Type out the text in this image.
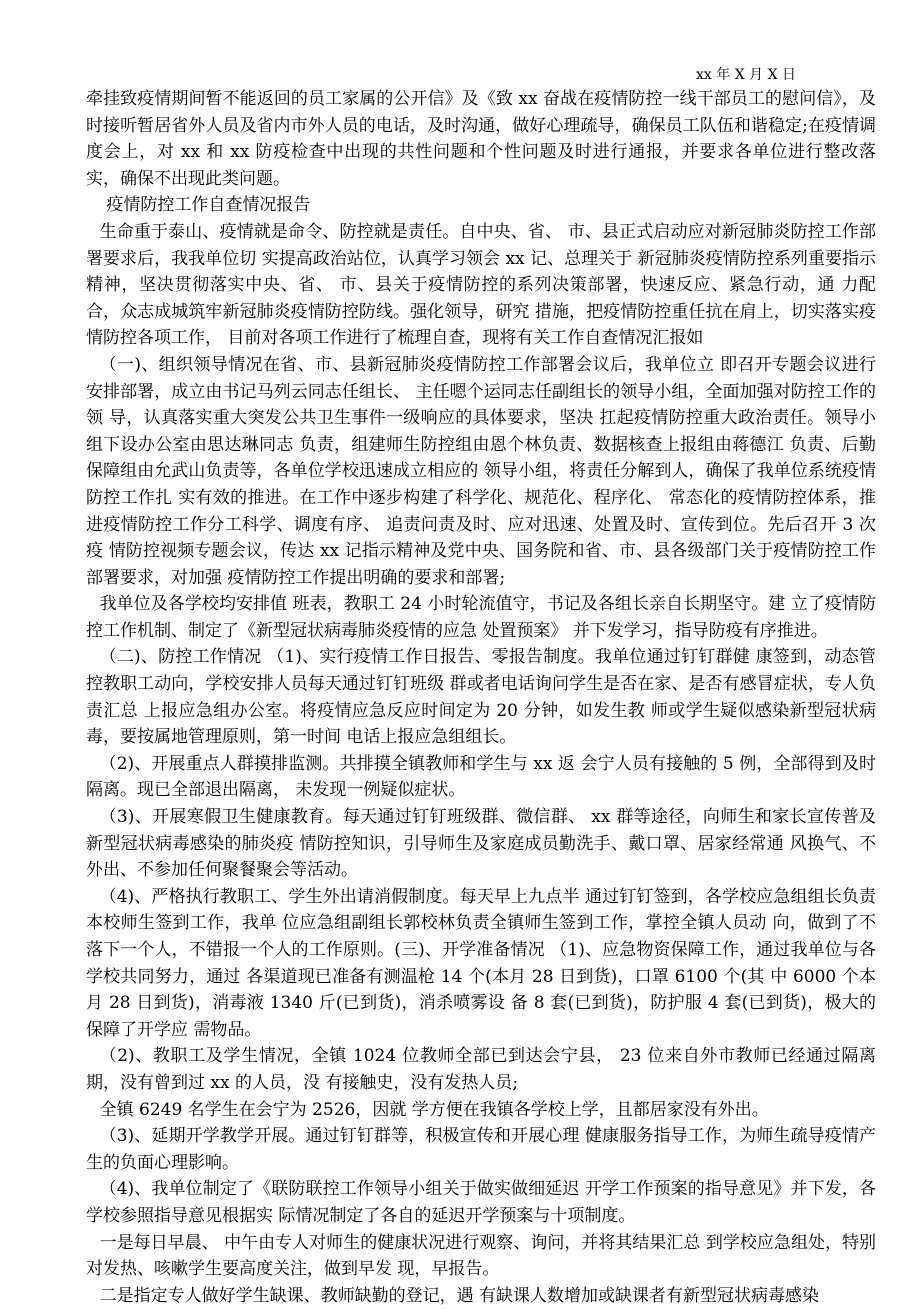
xx 年 X 月 X 日

牵挂致疫情期间暂不能返回的员工家属的公开信》及《致 xx 奋战在疫情防控一线干部员工的慰问信》，及时接听暂居省外人员及省内市外人员的电话，及时沟通，做好心理疏导，确保员工队伍和谐稳定;在疫情调度会上，对 xx 和 xx 防疫检查中出现的共性问题和个性问题及时进行通报，并要求各单位进行整改落实，确保不出现此类问题。

疫情防控工作自查情况报告

生命重于泰山、疫情就是命令、防控就是责任。自中央、省、 市、县正式启动应对新冠肺炎防控工作部署要求后，我我单位切 实提高政治站位，认真学习领会 xx 记、总理关于 新冠肺炎疫情防控系列重要指示精神，坚决贯彻落实中央、省、 市、县关于疫情防控的系列决策部署，快速反应、紧急行动，通 力配合，众志成城筑牢新冠肺炎疫情防控防线。强化领导，研究 措施，把疫情防控重任抗在肩上，切实落实疫情防控各项工作， 目前对各项工作进行了梳理自查，现将有关工作自查情况汇报如

（一)、组织领导情况在省、市、县新冠肺炎疫情防控工作部署会议后，我单位立 即召开专题会议进行安排部署，成立由书记马列云同志任组长、 主任嗯个运同志任副组长的领导小组，全面加强对防控工作的领 导，认真落实重大突发公共卫生事件一级响应的具体要求，坚决 扛起疫情防控重大政治责任。领导小组下设办公室由思达琳同志 负责，组建师生防控组由恩个林负责、数据核查上报组由蒋德江 负责、后勤保障组由允武山负责等，各单位学校迅速成立相应的 领导小组，将责任分解到人，确保了我单位系统疫情防控工作扎 实有效的推进。在工作中逐步构建了科学化、规范化、程序化、 常态化的疫情防控体系，推进疫情防控工作分工科学、调度有序、 追责问责及时、应对迅速、处置及时、宣传到位。先后召开 3 次疫 情防控视频专题会议，传达 xx 记指示精神及党中央、国务院和省、市、县各级部门关于疫情防控工作部署要求，对加强 疫情防控工作提出明确的要求和部署;

我单位及各学校均安排值 班表，教职工 24 小时轮流值守，书记及各组长亲自长期坚守。建 立了疫情防控工作机制、制定了《新型冠状病毒肺炎疫情的应急 处置预案》 并下发学习，指导防疫有序推进。

（二)、防控工作情况 （1)、实行疫情工作日报告、零报告制度。我单位通过钉钉群健 康签到，动态管控教职工动向，学校安排人员每天通过钉钉班级 群或者电话询问学生是否在家、是否有感冒症状，专人负责汇总 上报应急组办公室。将疫情应急反应时间定为 20 分钟，如发生教 师或学生疑似感染新型冠状病毒，要按属地管理原则，第一时间 电话上报应急组组长。

（2)、开展重点人群摸排监测。共排摸全镇教师和学生与 xx 返 会宁人员有接触的 5 例，全部得到及时隔离。现已全部退出隔离， 未发现一例疑似症状。

（3)、开展寒假卫生健康教育。每天通过钉钉班级群、微信群、 xx 群等途径，向师生和家长宣传普及新型冠状病毒感染的肺炎疫 情防控知识，引导师生及家庭成员勤洗手、戴口罩、居家经常通 风换气、不外出、不参加任何聚餐聚会等活动。

（4)、严格执行教职工、学生外出请消假制度。每天早上九点半 通过钉钉签到，各学校应急组组长负责本校师生签到工作，我单 位应急组副组长郭校林负责全镇师生签到工作，掌控全镇人员动 向，做到了不落下一个人，不错报一个人的工作原则。(三)、开学准备情况 （1)、应急物资保障工作，通过我单位与各学校共同努力，通过 各渠道现已准备有测温枪 14 个(本月 28 日到货)，口罩 6100 个(其 中 6000 个本月 28 日到货)，消毒液 1340 斤(已到货)，消杀喷雾设 备 8 套(已到货)，防护服 4 套(已到货)，极大的保障了开学应 需物品。

（2)、教职工及学生情况，全镇 1024 位教师全部已到达会宁县， 23 位来自外市教师已经通过隔离期，没有曾到过 xx 的人员，没 有接触史，没有发热人员;

全镇 6249 名学生在会宁为 2526，因就 学方便在我镇各学校上学，且都居家没有外出。

（3)、延期开学教学开展。通过钉钉群等，积极宣传和开展心理 健康服务指导工作，为师生疏导疫情产生的负面心理影响。

（4)、我单位制定了《联防联控工作领导小组关于做实做细延迟 开学工作预案的指导意见》并下发，各学校参照指导意见根据实 际情况制定了各自的延迟开学预案与十项制度。

一是每日早晨、 中午由专人对师生的健康状况进行观察、询问，并将其结果汇总 到学校应急组处，特别对发热、咳嗽学生要高度关注，做到早发 现，早报告。

二是指定专人做好学生缺课、教师缺勤的登记，遇 有缺课人数增加或缺课者有新型冠状病毒感染
